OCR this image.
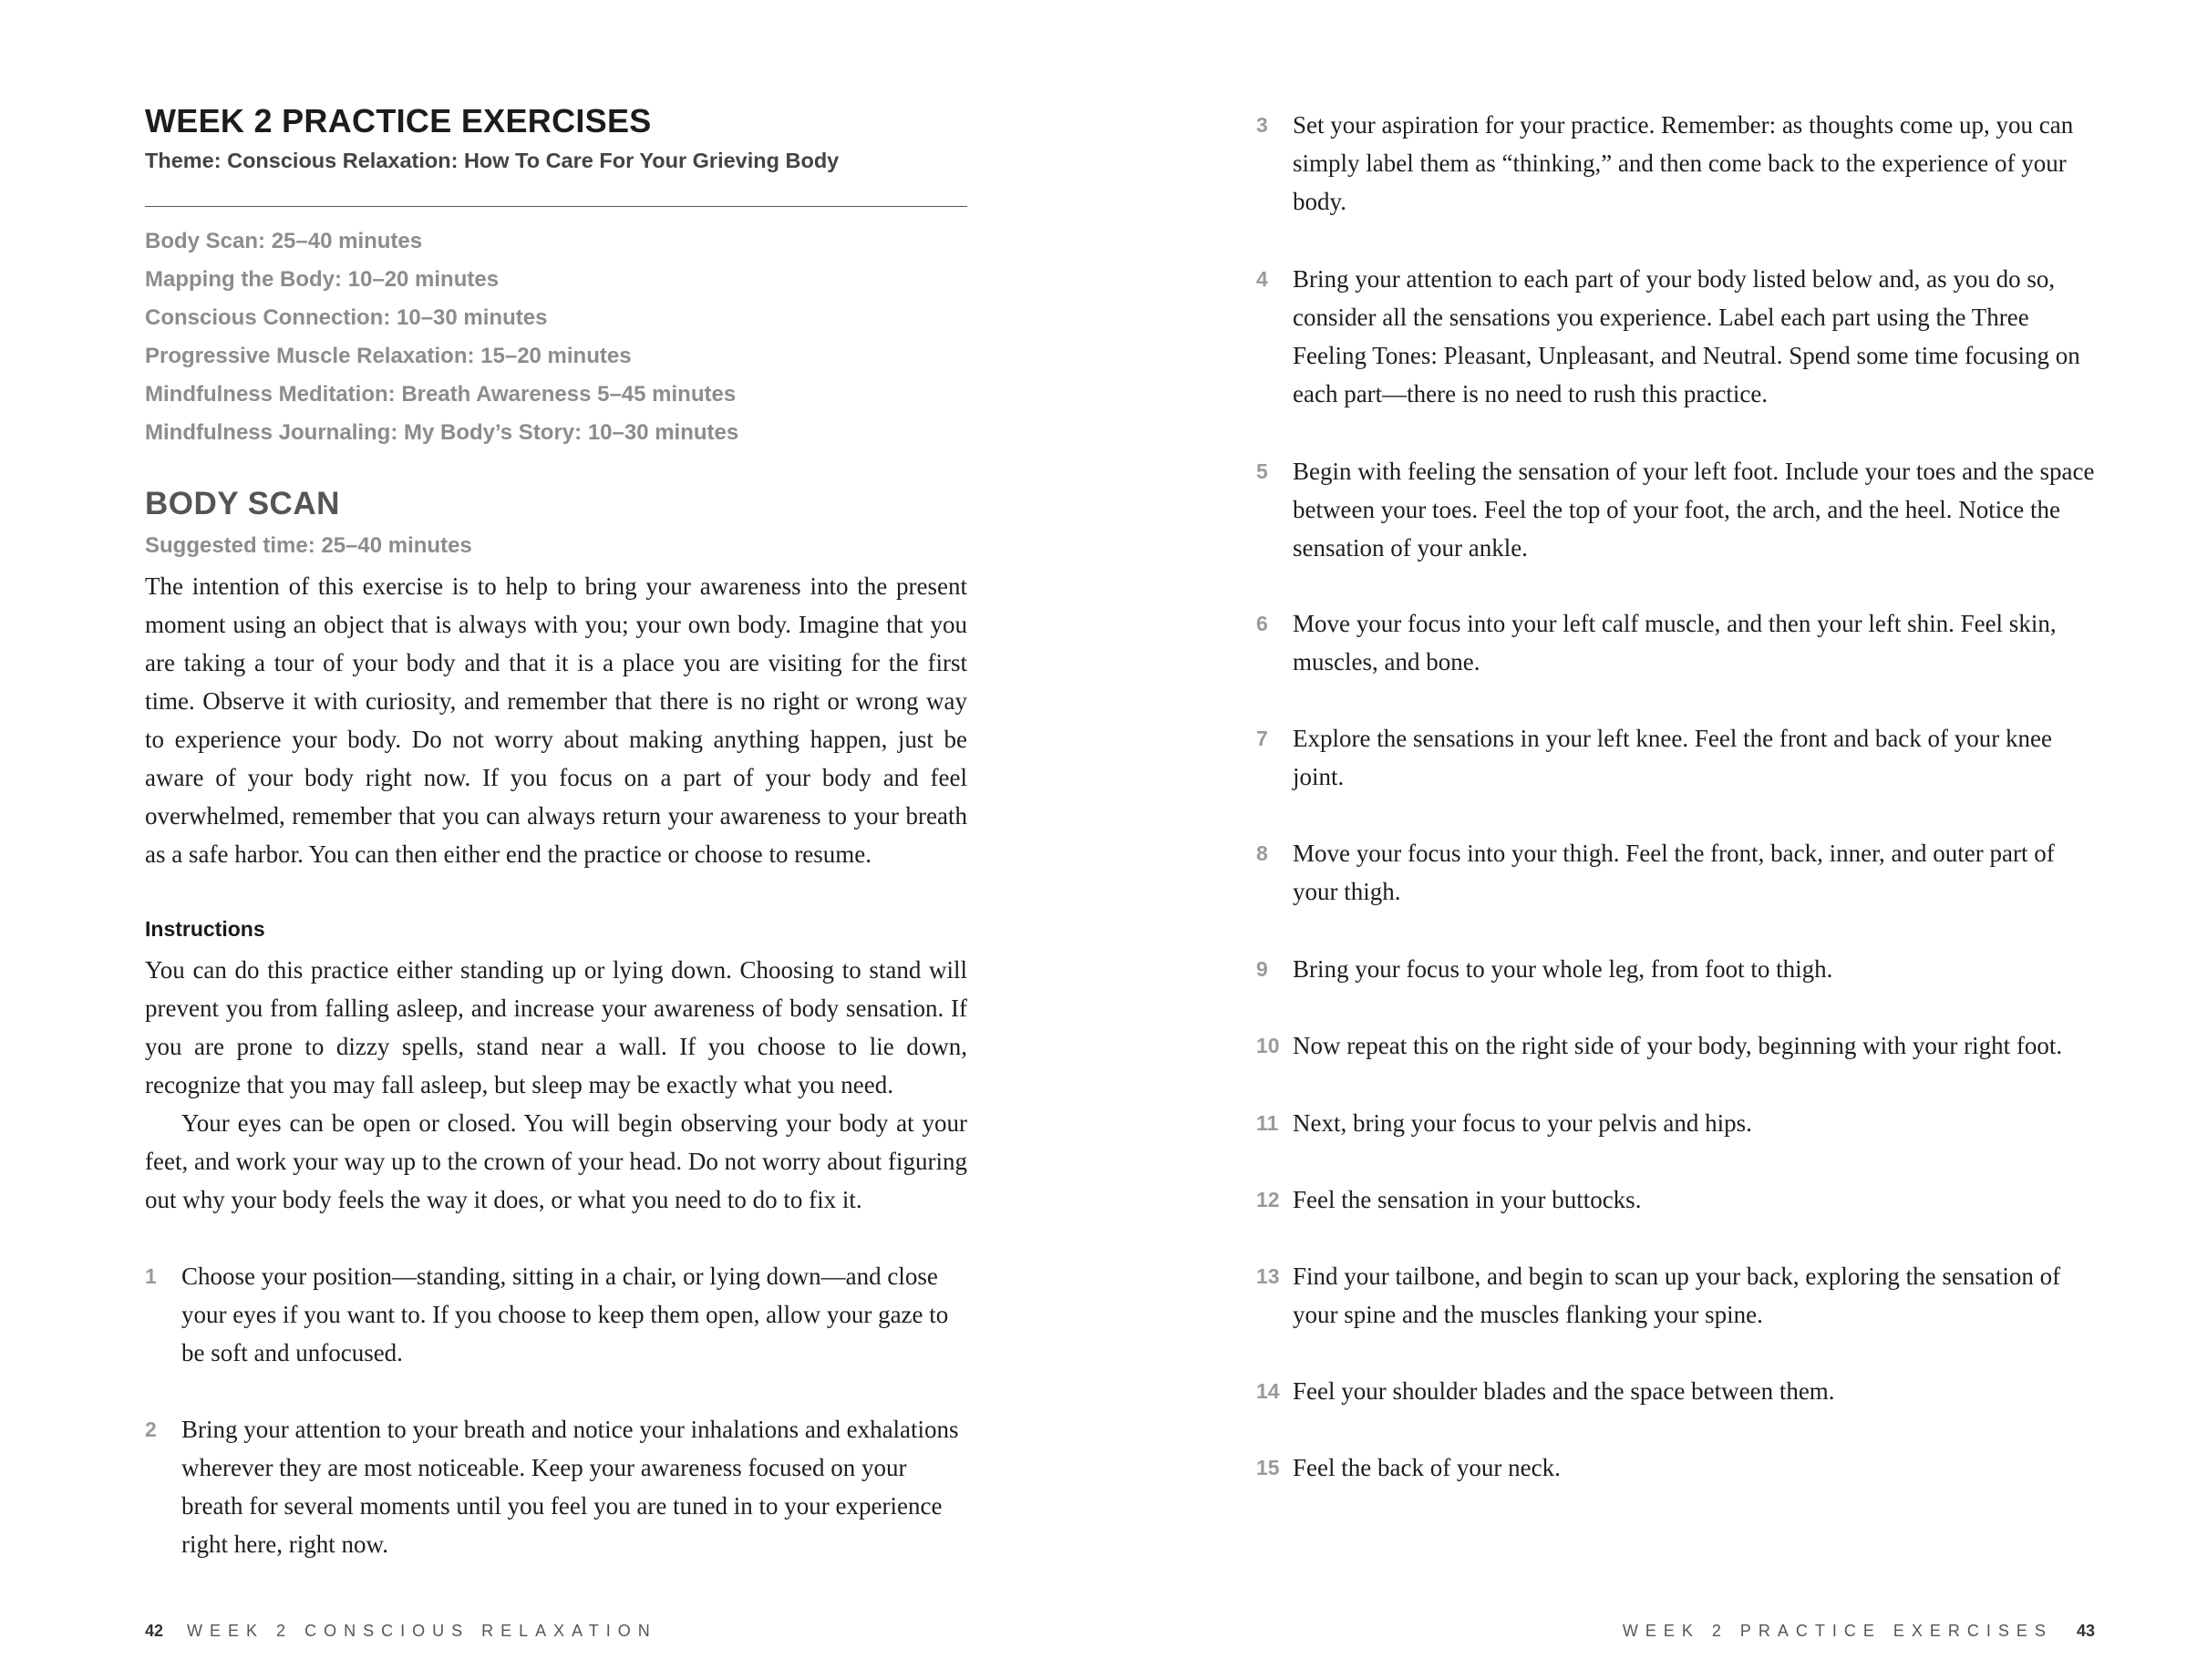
WEEK 2 PRACTICE EXERCISES

Theme: Conscious Relaxation: How To Care For Your Grieving Body

Body Scan: 25–40 minutes
Mapping the Body: 10–20 minutes
Conscious Connection: 10–30 minutes
Progressive Muscle Relaxation: 15–20 minutes
Mindfulness Meditation: Breath Awareness 5–45 minutes
Mindfulness Journaling: My Body’s Story: 10–30 minutes
BODY SCAN

Suggested time: 25–40 minutes

The intention of this exercise is to help to bring your awareness into the present moment using an object that is always with you; your own body. Imagine that you are taking a tour of your body and that it is a place you are visiting for the first time. Observe it with curiosity, and remember that there is no right or wrong way to experience your body. Do not worry about making anything happen, just be aware of your body right now. If you focus on a part of your body and feel overwhelmed, remember that you can always return your awareness to your breath as a safe harbor. You can then either end the practice or choose to resume.

Instructions

You can do this practice either standing up or lying down. Choosing to stand will prevent you from falling asleep, and increase your awareness of body sensation. If you are prone to dizzy spells, stand near a wall. If you choose to lie down, recognize that you may fall asleep, but sleep may be exactly what you need.

Your eyes can be open or closed. You will begin observing your body at your feet, and work your way up to the crown of your head. Do not worry about figuring out why your body feels the way it does, or what you need to do to fix it.

1 Choose your position—standing, sitting in a chair, or lying down—and close your eyes if you want to. If you choose to keep them open, allow your gaze to be soft and unfocused.
2 Bring your attention to your breath and notice your inhalations and exhalations wherever they are most noticeable. Keep your awareness focused on your breath for several moments until you feel you are tuned in to your experience right here, right now.

42 WEEK 2 CONSCIOUS RELAXATION

3 Set your aspiration for your practice. Remember: as thoughts come up, you can simply label them as “thinking,” and then come back to the experience of your body.
4 Bring your attention to each part of your body listed below and, as you do so, consider all the sensations you experience. Label each part using the Three Feeling Tones: Pleasant, Unpleasant, and Neutral. Spend some time focusing on each part—there is no need to rush this practice.
5 Begin with feeling the sensation of your left foot. Include your toes and the space between your toes. Feel the top of your foot, the arch, and the heel. Notice the sensation of your ankle.
6 Move your focus into your left calf muscle, and then your left shin. Feel skin, muscles, and bone.
7 Explore the sensations in your left knee. Feel the front and back of your knee joint.
8 Move your focus into your thigh. Feel the front, back, inner, and outer part of your thigh.
9 Bring your focus to your whole leg, from foot to thigh.
10 Now repeat this on the right side of your body, beginning with your right foot.
11 Next, bring your focus to your pelvis and hips.
12 Feel the sensation in your buttocks.
13 Find your tailbone, and begin to scan up your back, exploring the sensation of your spine and the muscles flanking your spine.
14 Feel your shoulder blades and the space between them.
15 Feel the back of your neck.

WEEK 2 PRACTICE EXERCISES 43
